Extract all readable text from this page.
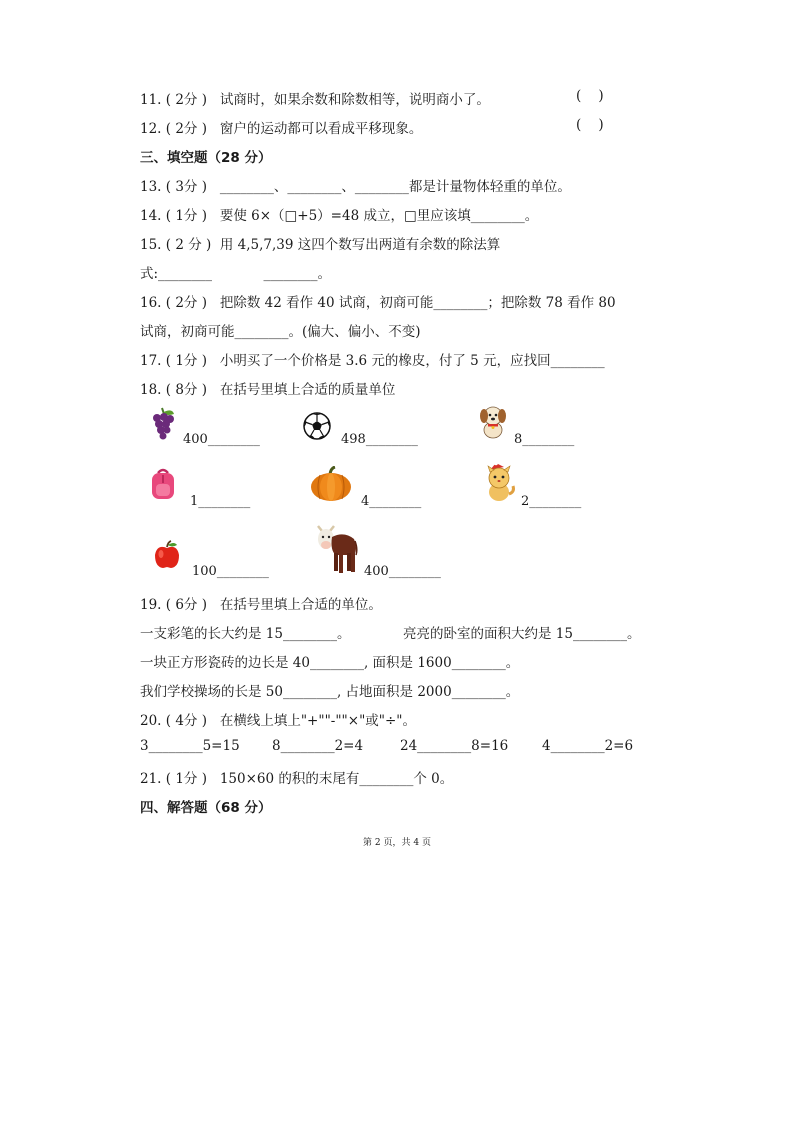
11. ( 2分 )   试商时，如果余数和除数相等，说明商小了。	(    )
12. ( 2分 )   窗户的运动都可以看成平移现象。	(    )
三、填空题（28 分）
13. ( 3分 )   ________、________、________都是计量物体轻重的单位。
14. ( 1分 )   要使 6×（□+5）=48 成立，□里应该填________。
15. ( 2 分 )  用 4,5,7,39 这四个数写出两道有余数的除法算
式:________            ________。
16. ( 2分 )   把除数 42 看作 40 试商，初商可能________；把除数 78 看作 80
试商，初商可能________。(偏大、偏小、不变)
17. ( 1分 )   小明买了一个价格是 3.6 元的橡皮，付了 5 元，应找回________
18. ( 8分 )   在括号里填上合适的质量单位
400________	498________	8________
1________	4________	2________
100________	400________
19. ( 6分 )   在括号里填上合适的单位。
一支彩笔的长大约是 15________。	亮亮的卧室的面积大约是 15________。
一块正方形瓷砖的边长是 40________, 面积是 1600________。
我们学校操场的长是 50________, 占地面积是 2000________。
20. ( 4分 )   在横线上填上"+""-""×"或"÷"。
3________5=15 8________2=4	24________8=16 4________2=6
21. ( 1分 )   150×60 的积的末尾有________个 0。
四、解答题（68 分）
第 2 页，共 4 页
